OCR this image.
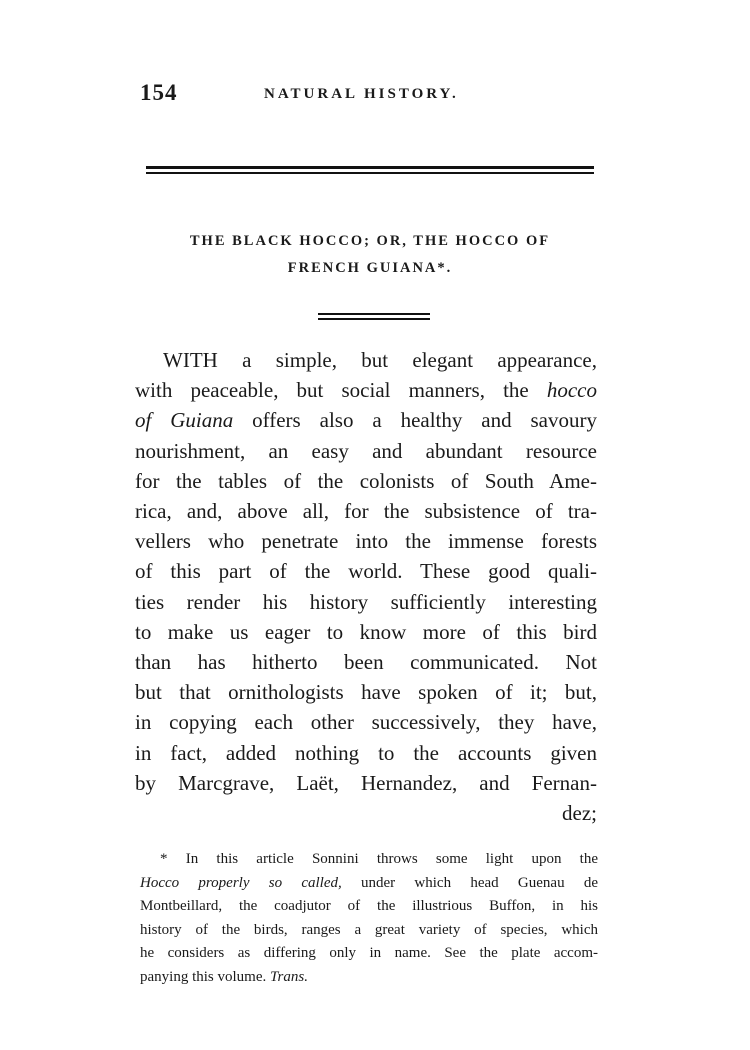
154	NATURAL HISTORY.
THE BLACK HOCCO; OR, THE HOCCO OF
FRENCH GUIANA*.
WITH a simple, but elegant appearance,
with peaceable, but social manners, the hocco
of Guiana offers also a healthy and savoury
nourishment, an easy and abundant resource
for the tables of the colonists of South Ame-
rica, and, above all, for the subsistence of tra-
vellers who penetrate into the immense forests
of this part of the world. These good quali-
ties render his history sufficiently interesting
to make us eager to know more of this bird
than has hitherto been communicated. Not
but that ornithologists have spoken of it; but,
in copying each other successively, they have,
in fact, added nothing to the accounts given
by Marcgrave, Laët, Hernandez, and Fernan-
dez;
* In this article Sonnini throws some light upon the
Hocco properly so called, under which head Guenau de
Montbeillard, the coadjutor of the illustrious Buffon, in his
history of the birds, ranges a great variety of species, which
he considers as differing only in name. See the plate accom-
panying this volume. Trans.
